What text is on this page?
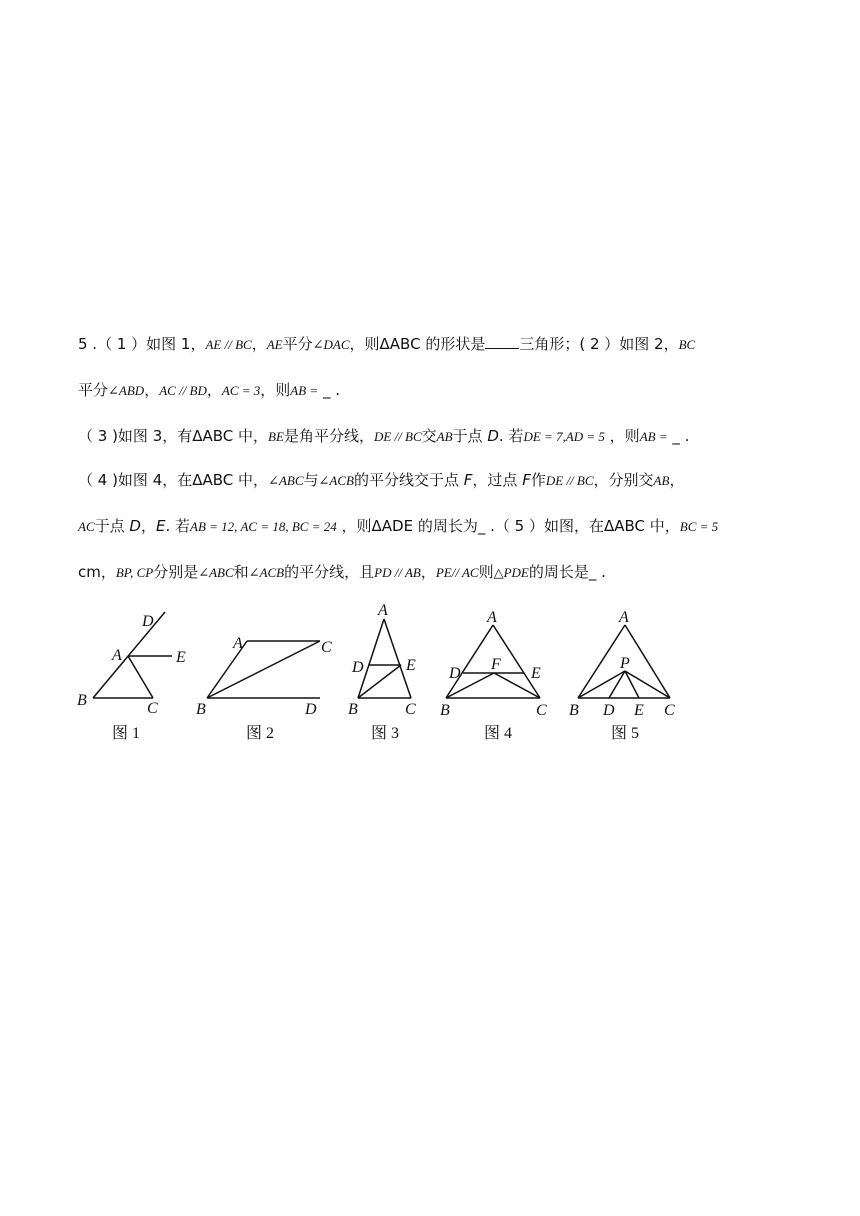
5 .（ 1 ）如图 1，AE // BC，AE平分∠DAC，则ΔABC 的形状是 三角形；( 2 ）如图 2，BC
平分∠ABD，AC // BD，AC = 3，则AB = _ .
（ 3 )如图 3，有ΔABC 中，BE是角平分线，DE // BC交AB于点 D. 若DE = 7,AD = 5 ，则AB = _ .
（ 4 )如图 4，在ΔABC 中，∠ABC与∠ACB的平分线交于点 F，过点 F作DE // BC，分别交AB，
AC于点 D，E. 若AB = 12, AC = 18, BC = 24 ，则ΔADE 的周长为_ .（ 5 ）如图，在ΔABC 中，BC = 5
cm，BP, CP分别是∠ABC和∠ACB的平分线，且PD // AB，PE// AC则△PDE的周长是_ .
D
A	E
B	C
A	C
B	D
A
D	E
B	C
A
F
D	E
B	C
A
P
B D E C
图 1	图 2	图 3	图 4	图 5
